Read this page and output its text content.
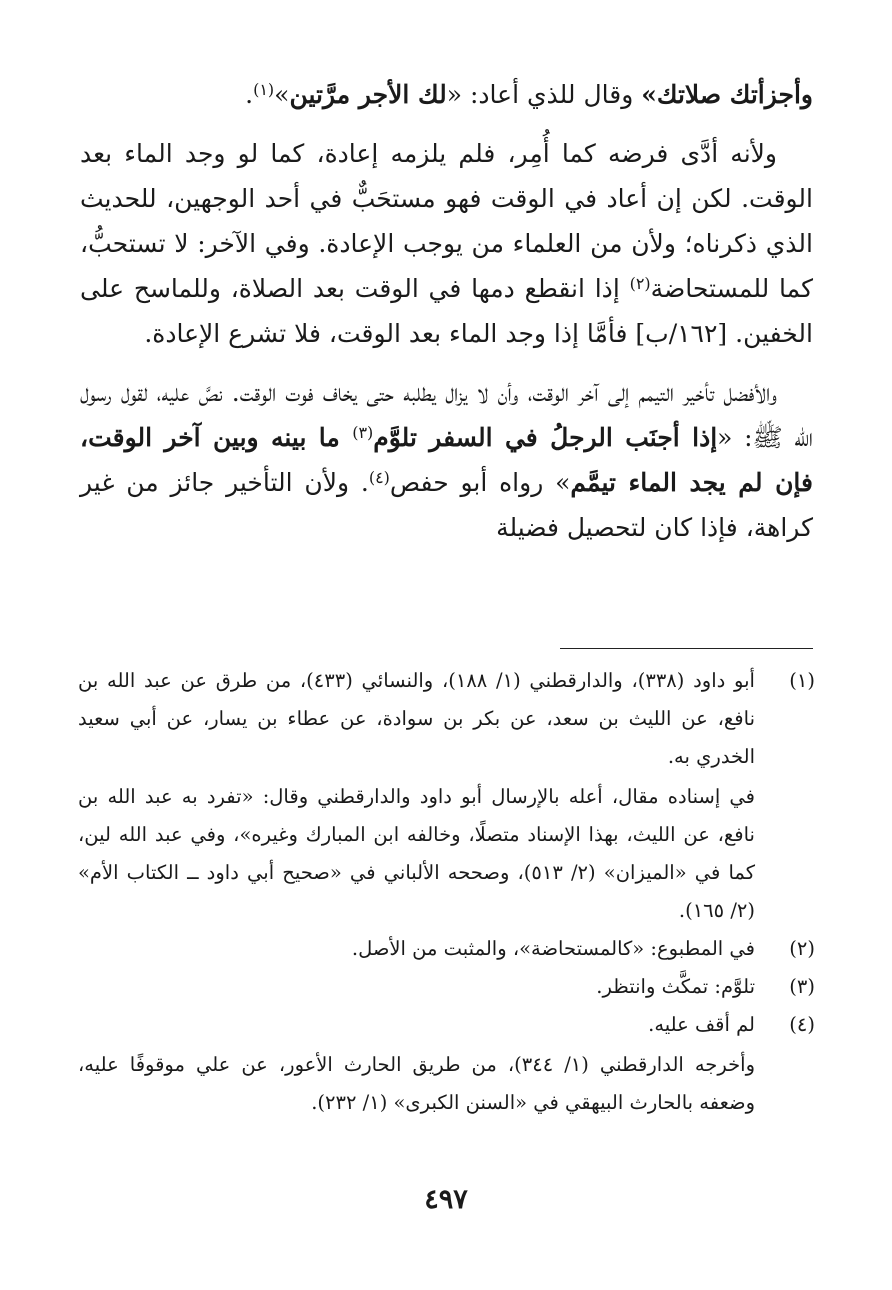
وأجزأتك صلاتك» وقال للذي أعاد: «لك الأجر مرَّتين»$^{(١)}$.

ولأنه أدَّى فرضه كما أُمِر، فلم يلزمه إعادة، كما لو وجد الماء بعد الوقت. لكن إن أعاد في الوقت فهو مستحَبٌّ في أحد الوجهين، للحديث الذي ذكرناه؛ ولأن من العلماء من يوجب الإعادة. وفي الآخر: لا تستحبُّ، كما للمستحاضة$^{(٢)}$ إذا انقطع دمها في الوقت بعد الصلاة، وللماسح على الخفين. [١٦٢/ب] فأمَّا إذا وجد الماء بعد الوقت، فلا تشرع الإعادة.

والأفضل تأخير التيمم إلى آخر الوقت، وأن لا يزال يطلبه حتى يخاف فوت الوقت. نصَّ عليه، لقول رسول الله ﷺ: «إذا أجنَب الرجلُ في السفر تلوَّم$^{(٣)}$ ما بينه وبين آخر الوقت، فإن لم يجد الماء تيمَّم» رواه أبو حفص$^{(٤)}$. ولأن التأخير جائز من غير كراهة، فإذا كان لتحصيل فضيلة

(١)
أبو داود (٣٣٨)، والدارقطني (١/ ١٨٨)، والنسائي (٤٣٣)، من طرق عن عبد الله بن نافع، عن الليث بن سعد، عن بكر بن سوادة، عن عطاء بن يسار، عن أبي سعيد الخدري به.
في إسناده مقال، أعله بالإرسال أبو داود والدارقطني وقال: «تفرد به عبد الله بن نافع، عن الليث، بهذا الإسناد متصلًا، وخالفه ابن المبارك وغيره»، وفي عبد الله لين، كما في «الميزان» (٢/ ٥١٣)، وصححه الألباني في «صحيح أبي داود ــ الكتاب الأم» (٢/ ١٦٥).
(٢)
في المطبوع: «كالمستحاضة»، والمثبت من الأصل.
(٣)
تلوَّم: تمكَّث وانتظر.
(٤)
لم أقف عليه.
وأخرجه الدارقطني (١/ ٣٤٤)، من طريق الحارث الأعور، عن علي موقوفًا عليه، وضعفه بالحارث البيهقي في «السنن الكبرى» (١/ ٢٣٢).
٤٩٧
